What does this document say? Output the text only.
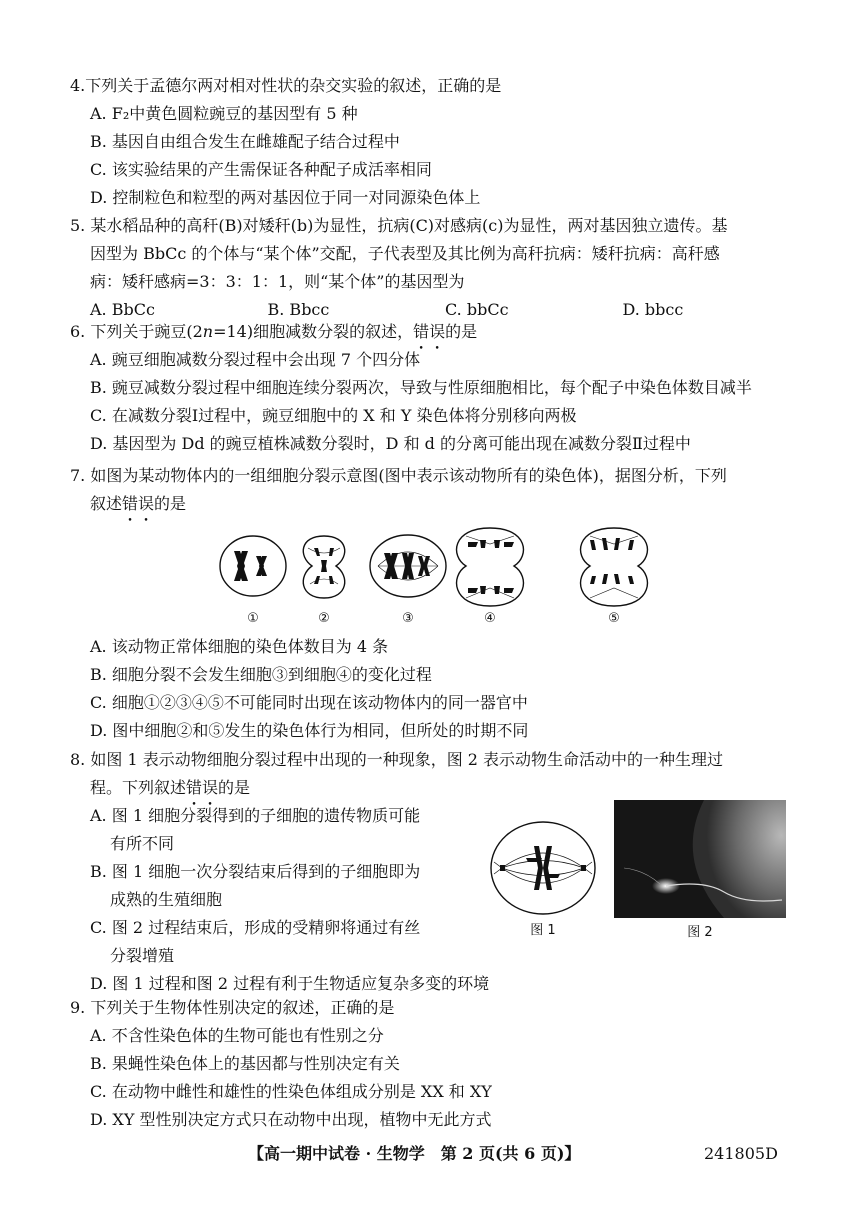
4.下列关于孟德尔两对相对性状的杂交实验的叙述，正确的是
A. F₂中黄色圆粒豌豆的基因型有 5 种
B. 基因自由组合发生在雌雄配子结合过程中
C. 该实验结果的产生需保证各种配子成活率相同
D. 控制粒色和粒型的两对基因位于同一对同源染色体上
5. 某水稻品种的高秆(B)对矮秆(b)为显性，抗病(C)对感病(c)为显性，两对基因独立遗传。基
因型为 BbCc 的个体与“某个体”交配，子代表型及其比例为高秆抗病：矮秆抗病：高秆感
病：矮秆感病=3：3：1：1，则“某个体”的基因型为
A. BbCc	B. Bbcc	C. bbCc	D. bbcc
6. 下列关于豌豆(2n=14)细胞减数分裂的叙述，错误的是
A. 豌豆细胞减数分裂过程中会出现 7 个四分体
B. 豌豆减数分裂过程中细胞连续分裂两次，导致与性原细胞相比，每个配子中染色体数目减半
C. 在减数分裂Ⅰ过程中，豌豆细胞中的 X 和 Y 染色体将分别移向两极
D. 基因型为 Dd 的豌豆植株减数分裂时，D 和 d 的分离可能出现在减数分裂Ⅱ过程中
7. 如图为某动物体内的一组细胞分裂示意图(图中表示该动物所有的染色体)，据图分析，下列
叙述错误的是
①	②	③	④	⑤
A. 该动物正常体细胞的染色体数目为 4 条
B. 细胞分裂不会发生细胞③到细胞④的变化过程
C. 细胞①②③④⑤不可能同时出现在该动物体内的同一器官中
D. 图中细胞②和⑤发生的染色体行为相同，但所处的时期不同
8. 如图 1 表示动物细胞分裂过程中出现的一种现象，图 2 表示动物生命活动中的一种生理过
程。下列叙述错误的是
A. 图 1 细胞分裂得到的子细胞的遗传物质可能
有所不同
B. 图 1 细胞一次分裂结束后得到的子细胞即为
成熟的生殖细胞
C. 图 2 过程结束后，形成的受精卵将通过有丝
分裂增殖
D. 图 1 过程和图 2 过程有利于生物适应复杂多变的环境
图 1	图 2
9. 下列关于生物体性别决定的叙述，正确的是
A. 不含性染色体的生物可能也有性别之分
B. 果蝇性染色体上的基因都与性别决定有关
C. 在动物中雌性和雄性的性染色体组成分别是 XX 和 XY
D. XY 型性别决定方式只在动物中出现，植物中无此方式
【高一期中试卷 · 生物学　第 2 页(共 6 页)】	241805D
